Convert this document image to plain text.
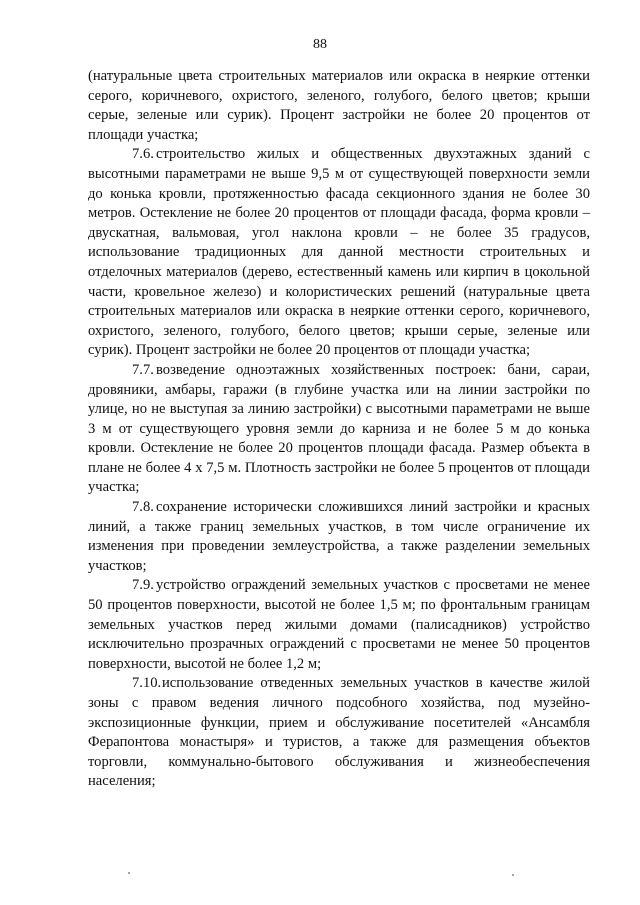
88

(натуральные цвета строительных материалов или окраска в неяркие оттенки серого, коричневого, охристого, зеленого, голубого, белого цветов; крыши серые, зеленые или сурик). Процент застройки не более 20 процентов от площади участка;

7.6. строительство жилых и общественных двухэтажных зданий с высотными параметрами не выше 9,5 м от существующей поверхности земли до конька кровли, протяженностью фасада секционного здания не более 30 метров. Остекление не более 20 процентов от площади фасада, форма кровли – двускатная, вальмовая, угол наклона кровли – не более 35 градусов, использование традиционных для данной местности строительных и отделочных материалов (дерево, естественный камень или кирпич в цокольной части, кровельное железо) и колористических решений (натуральные цвета строительных материалов или окраска в неяркие оттенки серого, коричневого, охристого, зеленого, голубого, белого цветов; крыши серые, зеленые или сурик). Процент застройки не более 20 процентов от площади участка;

7.7. возведение одноэтажных хозяйственных построек: бани, сараи, дровяники, амбары, гаражи (в глубине участка или на линии застройки по улице, но не выступая за линию застройки) с высотными параметрами не выше 3 м от существующего уровня земли до карниза и не более 5 м до конька кровли. Остекление не более 20 процентов площади фасада. Размер объекта в плане не более 4 х 7,5 м. Плотность застройки не более 5 процентов от площади участка;

7.8. сохранение исторически сложившихся линий застройки и красных линий, а также границ земельных участков, в том числе ограничение их изменения при проведении землеустройства, а также разделении земельных участков;

7.9. устройство ограждений земельных участков с просветами не менее 50 процентов поверхности, высотой не более 1,5 м; по фронтальным границам земельных участков перед жилыми домами (палисадников) устройство исключительно прозрачных ограждений с просветами не менее 50 процентов поверхности, высотой не более 1,2 м;

7.10.использование отведенных земельных участков в качестве жилой зоны с правом ведения личного подсобного хозяйства, под музейно-экспозиционные функции, прием и обслуживание посетителей «Ансамбля Ферапонтова монастыря» и туристов, а также для размещения объектов торговли, коммунально-бытового обслуживания и жизнеобеспечения населения;
